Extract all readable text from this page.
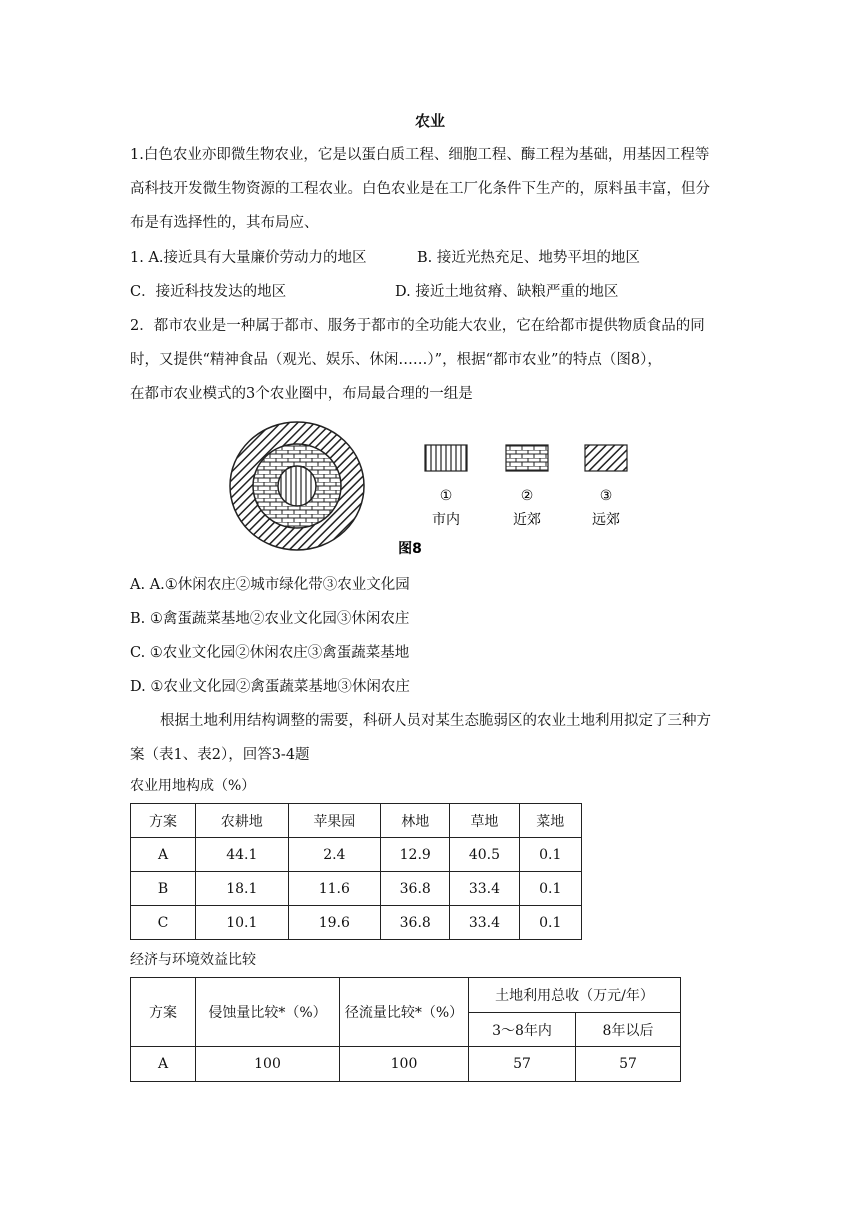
农业
1.白色农业亦即微生物农业，它是以蛋白质工程、细胞工程、酶工程为基础，用基因工程等
高科技开发微生物资源的工程农业。白色农业是在工厂化条件下生产的，原料虽丰富，但分
布是有选择性的，其布局应、
1. A.接近具有大量廉价劳动力的地区	B. 接近光热充足、地势平坦的地区
C．接近科技发达的地区	D. 接近土地贫瘠、缺粮严重的地区
2．都市农业是一种属于都市、服务于都市的全功能大农业，它在给都市提供物质食品的同
时，又提供“精神食品（观光、娱乐、休闲……）”，根据“都市农业”的特点（图8），
在都市农业模式的3个农业圈中，布局最合理的一组是
①	②	③
市内	近郊	远郊
图8
A. A.①休闲农庄②城市绿化带③农业文化园
B. ①禽蛋蔬菜基地②农业文化园③休闲农庄
C. ①农业文化园②休闲农庄③禽蛋蔬菜基地
D. ①农业文化园②禽蛋蔬菜基地③休闲农庄
根据土地利用结构调整的需要，科研人员对某生态脆弱区的农业土地利用拟定了三种方
案（表1、表2），回答3-4题
农业用地构成（%）
方案	农耕地	苹果园	林地	草地	菜地
A	44.1	2.4	12.9	40.5	0.1
B	18.1	11.6	36.8	33.4	0.1
C	10.1	19.6	36.8	33.4	0.1
经济与环境效益比较
方案	侵蚀量比较*（%）	径流量比较*（%）	土地利用总收（万元/年）	
			3～8年内	8年以后
A	100	100	57	57
